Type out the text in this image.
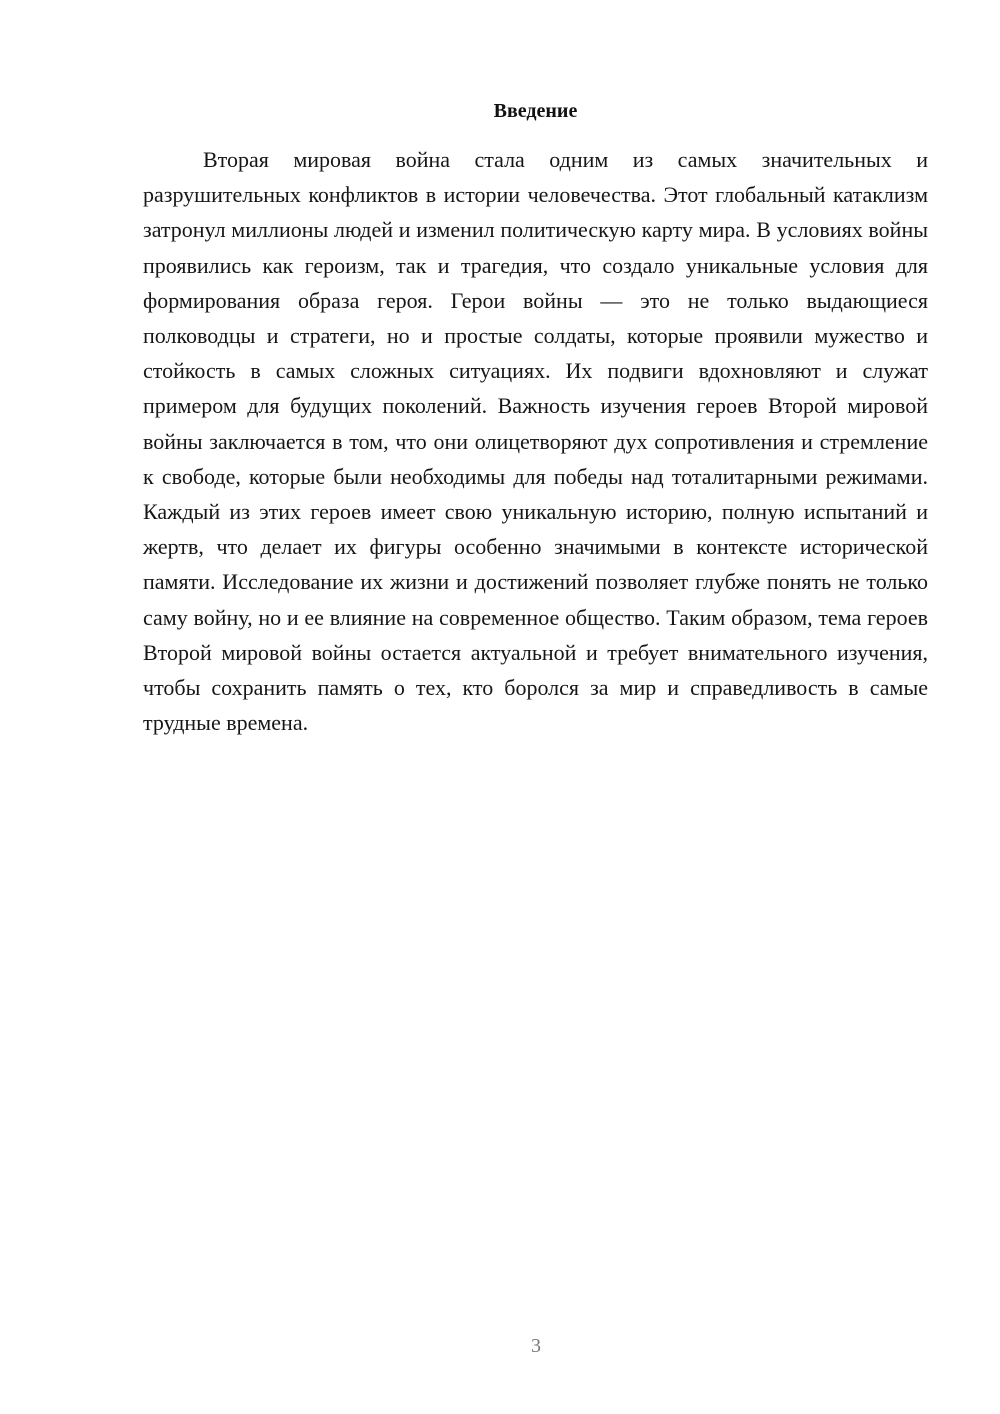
Введение

Вторая мировая война стала одним из самых значительных и разрушительных конфликтов в истории человечества. Этот глобальный катаклизм затронул миллионы людей и изменил политическую карту мира. В условиях войны проявились как героизм, так и трагедия, что создало уникальные условия для формирования образа героя. Герои войны — это не только выдающиеся полководцы и стратеги, но и простые солдаты, которые проявили мужество и стойкость в самых сложных ситуациях. Их подвиги вдохновляют и служат примером для будущих поколений. Важность изучения героев Второй мировой войны заключается в том, что они олицетворяют дух сопротивления и стремление к свободе, которые были необходимы для победы над тоталитарными режимами. Каждый из этих героев имеет свою уникальную историю, полную испытаний и жертв, что делает их фигуры особенно значимыми в контексте исторической памяти. Исследование их жизни и достижений позволяет глубже понять не только саму войну, но и ее влияние на современное общество. Таким образом, тема героев Второй мировой войны остается актуальной и требует внимательного изучения, чтобы сохранить память о тех, кто боролся за мир и справедливость в самые трудные времена.

3
